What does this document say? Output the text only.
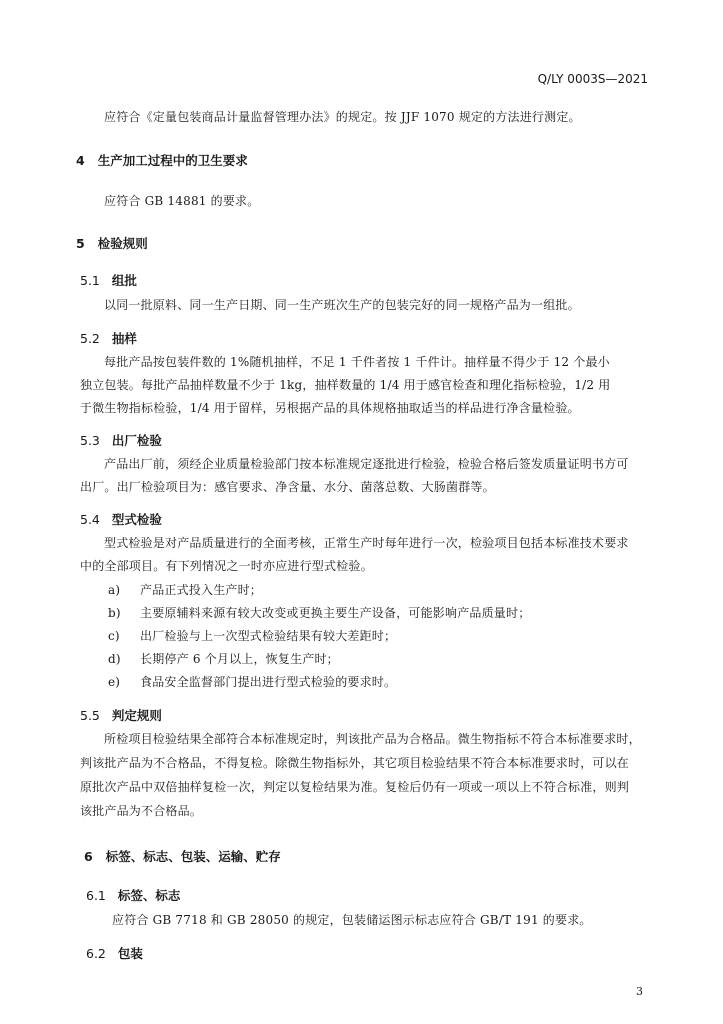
Q/LY 0003S—2021
应符合《定量包装商品计量监督管理办法》的规定。按 JJF 1070 规定的方法进行测定。
4 生产加工过程中的卫生要求
应符合 GB 14881 的要求。
5 检验规则
5.1 组批
以同一批原料、同一生产日期、同一生产班次生产的包装完好的同一规格产品为一组批。
5.2 抽样
每批产品按包装件数的 1%随机抽样，不足 1 千件者按 1 千件计。抽样量不得少于 12 个最小
独立包装。每批产品抽样数量不少于 1kg，抽样数量的 1/4 用于感官检查和理化指标检验，1/2 用
于微生物指标检验，1/4 用于留样，另根据产品的具体规格抽取适当的样品进行净含量检验。
5.3 出厂检验
产品出厂前，须经企业质量检验部门按本标准规定逐批进行检验，检验合格后签发质量证明书方可
出厂。出厂检验项目为：感官要求、净含量、水分、菌落总数、大肠菌群等。
5.4 型式检验
型式检验是对产品质量进行的全面考核，正常生产时每年进行一次，检验项目包括本标准技术要求
中的全部项目。有下列情况之一时亦应进行型式检验。
a) 产品正式投入生产时；
b) 主要原辅料来源有较大改变或更换主要生产设备，可能影响产品质量时；
c) 出厂检验与上一次型式检验结果有较大差距时；
d) 长期停产 6 个月以上，恢复生产时；
e) 食品安全监督部门提出进行型式检验的要求时。
5.5 判定规则
所检项目检验结果全部符合本标准规定时，判该批产品为合格品。微生物指标不符合本标准要求时，
判该批产品为不合格品，不得复检。除微生物指标外，其它项目检验结果不符合本标准要求时，可以在
原批次产品中双倍抽样复检一次，判定以复检结果为准。复检后仍有一项或一项以上不符合标准，则判
该批产品为不合格品。
6 标签、标志、包装、运输、贮存
6.1 标签、标志
应符合 GB 7718 和 GB 28050 的规定，包装储运图示标志应符合 GB/T 191 的要求。
6.2 包装
3
